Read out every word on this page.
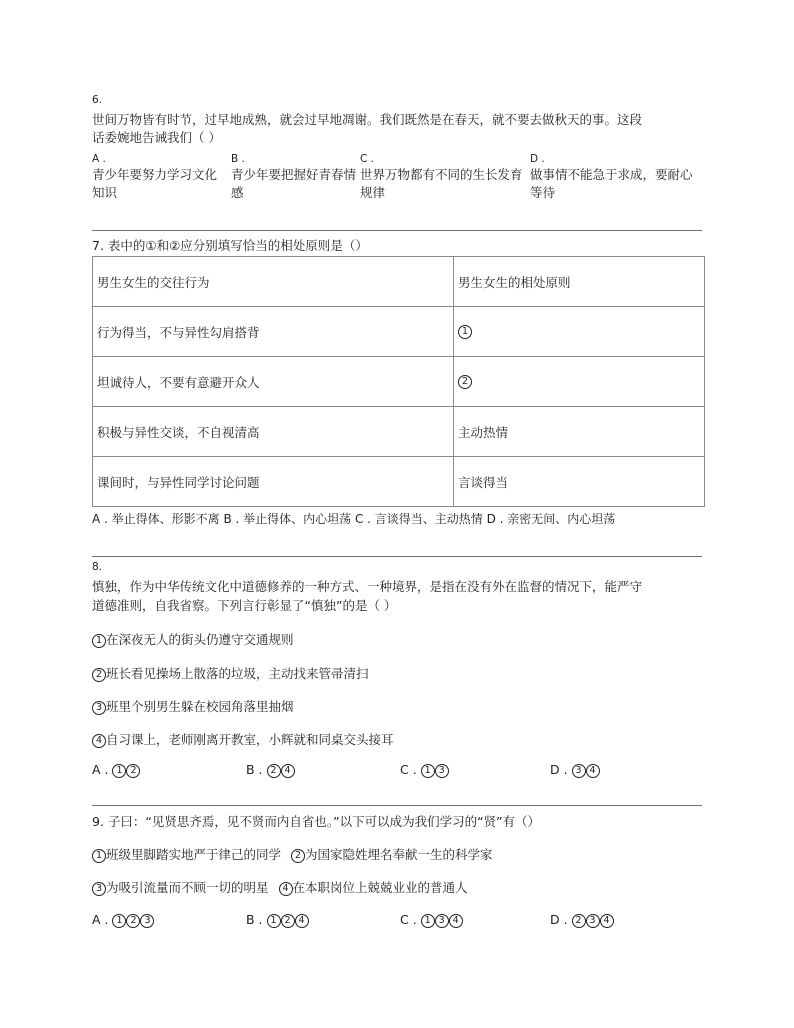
6.
世间万物皆有时节，过早地成熟，就会过早地凋谢。我们既然是在春天，就不要去做秋天的事。这段
话委婉地告诫我们（ ）
A .
青少年要努力学习文化知识
B .
青少年要把握好青春情感
C .
世界万物都有不同的生长发育规律
D .
做事情不能急于求成，要耐心等待
7. 表中的①和②应分别填写恰当的相处原则是（）
男生女生的交往行为	男生女生的相处原则
行为得当，不与异性勾肩搭背	1
坦诚待人，不要有意避开众人	2
积极与异性交谈，不自视清高	主动热情
课间时，与异性同学讨论问题	言谈得当
A . 举止得体、形影不离 B . 举止得体、内心坦荡 C . 言谈得当、主动热情 D . 亲密无间、内心坦荡
8.
慎独，作为中华传统文化中道德修养的一种方式、一种境界，是指在没有外在监督的情况下，能严守
道德准则，自我省察。下列言行彰显了“慎独”的是（ ）
1 在深夜无人的街头仍遵守交通规则
2 班长看见操场上散落的垃圾，主动找来管帚清扫
3 班里个别男生躲在校园角落里抽烟
4 自习课上，老师刚离开教室，小辉就和同桌交头接耳
A . 1 2	B . 2 4	C . 1 3	D . 3 4
9. 子曰：“见贤思齐焉，见不贤而内自省也。”以下可以成为我们学习的“贤”有（）
1 班级里脚踏实地严于律己的同学 2 为国家隐姓埋名奉献一生的科学家
3 为吸引流量而不顾一切的明星 4 在本职岗位上兢兢业业的普通人
A . 1 2 3	B . 1 2 4	C . 1 3 4	D . 2 3 4
